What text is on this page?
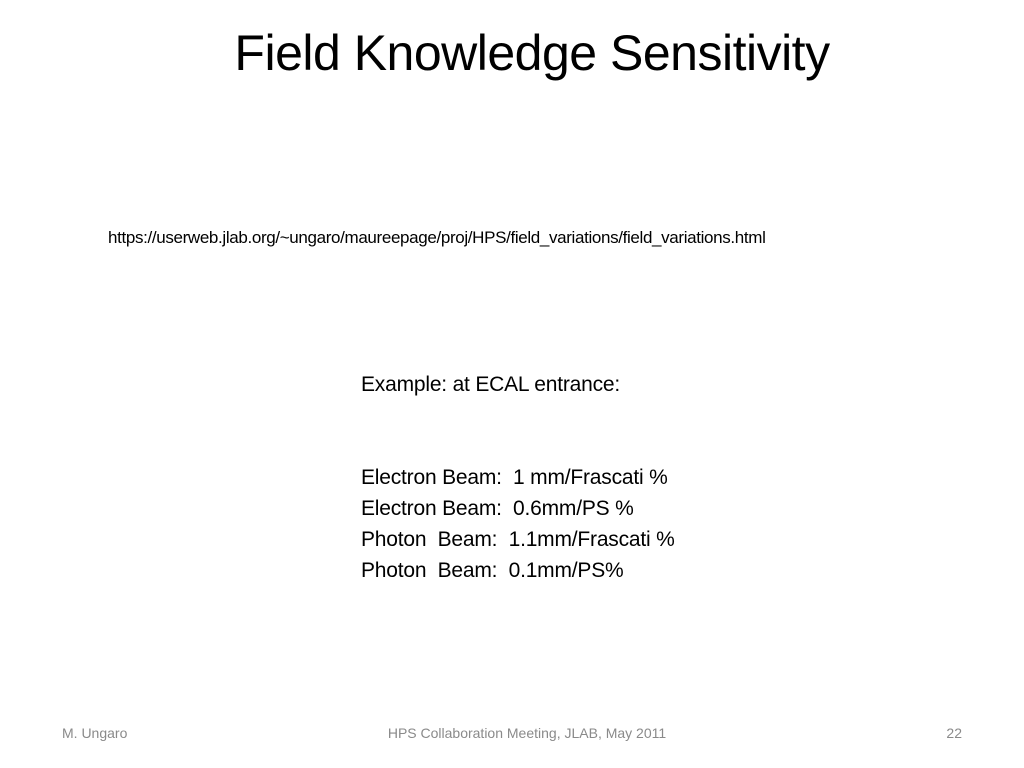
Field Knowledge Sensitivity
https://userweb.jlab.org/~ungaro/maureepage/proj/HPS/field_variations/field_variations.html
Example: at ECAL entrance:
Electron Beam:  1 mm/Frascati %
Electron Beam:  0.6mm/PS %
Photon  Beam:  1.1mm/Frascati %
Photon  Beam:  0.1mm/PS%
M. Ungaro	HPS Collaboration Meeting, JLAB, May 2011	22
